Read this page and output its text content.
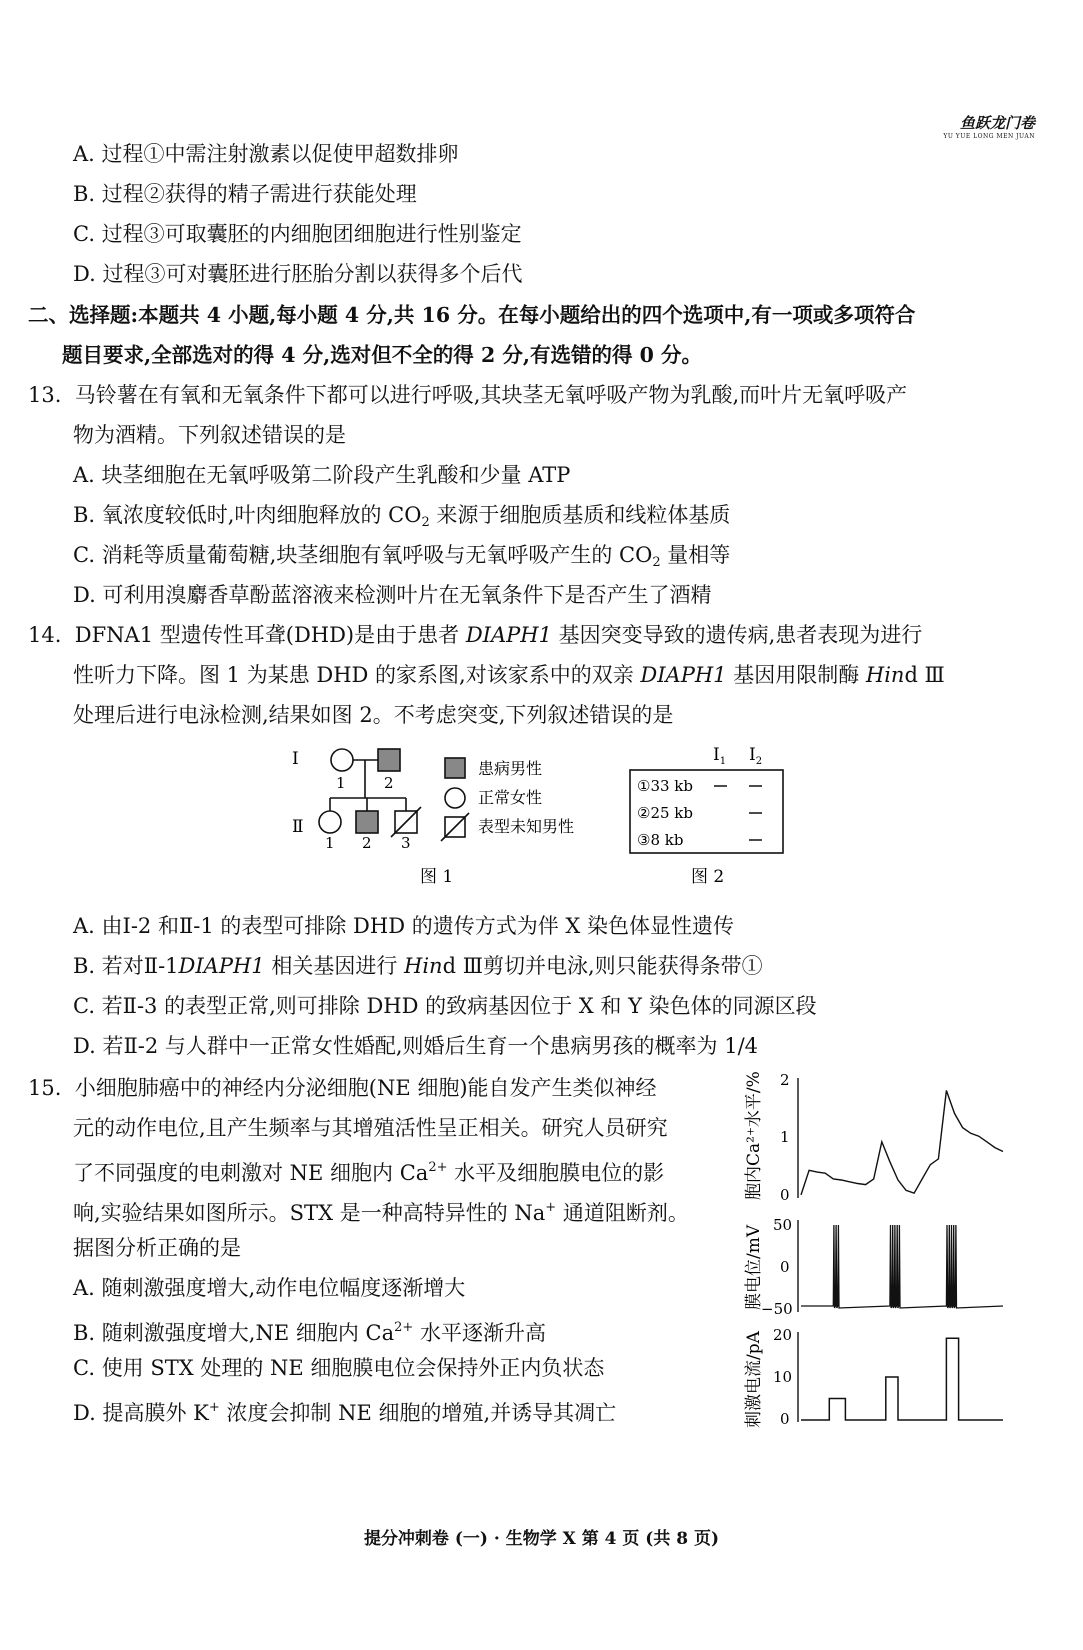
鱼跃龙门卷
YU YUE LONG MEN JUAN
A. 过程①中需注射激素以促使甲超数排卵
B. 过程②获得的精子需进行获能处理
C. 过程③可取囊胚的内细胞团细胞进行性别鉴定
D. 过程③可对囊胚进行胚胎分割以获得多个后代
二、选择题:本题共 4 小题,每小题 4 分,共 16 分。在每小题给出的四个选项中,有一项或多项符合
题目要求,全部选对的得 4 分,选对但不全的得 2 分,有选错的得 0 分。
13. 马铃薯在有氧和无氧条件下都可以进行呼吸,其块茎无氧呼吸产物为乳酸,而叶片无氧呼吸产
物为酒精。下列叙述错误的是
A. 块茎细胞在无氧呼吸第二阶段产生乳酸和少量 ATP
B. 氧浓度较低时,叶肉细胞释放的 $CO_2$ 来源于细胞质基质和线粒体基质
C. 消耗等质量葡萄糖,块茎细胞有氧呼吸与无氧呼吸产生的 $CO_2$ 量相等
D. 可利用溴麝香草酚蓝溶液来检测叶片在无氧条件下是否产生了酒精
14. DFNA1 型遗传性耳聋(DHD)是由于患者 DIAPH1 基因突变导致的遗传病,患者表现为进行
性听力下降。图 1 为某患 DHD 的家系图,对该家系中的双亲 DIAPH1 基因用限制酶 Hind Ⅲ
处理后进行电泳检测,结果如图 2。不考虑突变,下列叙述错误的是
Ⅰ
Ⅱ
1	2
1 2 3
患病男性
正常女性
表型未知男性
图 1
$Ⅰ_1$ $Ⅰ_2$
①33 kb
②25 kb
③8 kb
图 2
A. 由Ⅰ-2 和Ⅱ-1 的表型可排除 DHD 的遗传方式为伴 X 染色体显性遗传
B. 若对Ⅱ-1DIAPH1 相关基因进行 Hind Ⅲ剪切并电泳,则只能获得条带①
C. 若Ⅱ-3 的表型正常,则可排除 DHD 的致病基因位于 X 和 Y 染色体的同源区段
D. 若Ⅱ-2 与人群中一正常女性婚配,则婚后生育一个患病男孩的概率为 1/4
15. 小细胞肺癌中的神经内分泌细胞(NE 细胞)能自发产生类似神经
元的动作电位,且产生频率与其增殖活性呈正相关。研究人员研究
了不同强度的电刺激对 NE 细胞内 $Ca^{2+}$ 水平及细胞膜电位的影
响,实验结果如图所示。STX 是一种高特异性的 Na+ 通道阻断剂。
据图分析正确的是
A. 随刺激强度增大,动作电位幅度逐渐增大
B. 随刺激强度增大,NE 细胞内 $Ca^{2+}$ 水平逐渐升高
C. 使用 STX 处理的 NE 细胞膜电位会保持外正内负状态
D. 提高膜外 K+ 浓度会抑制 NE 细胞的增殖,并诱导其凋亡
胞内Ca²⁺水平/% 2
1
0
膜电位/mV 50
0
−50
刺激电流/pA 20
10
0
提分冲刺卷 (一) · 生物学 X 第 4 页 (共 8 页)
